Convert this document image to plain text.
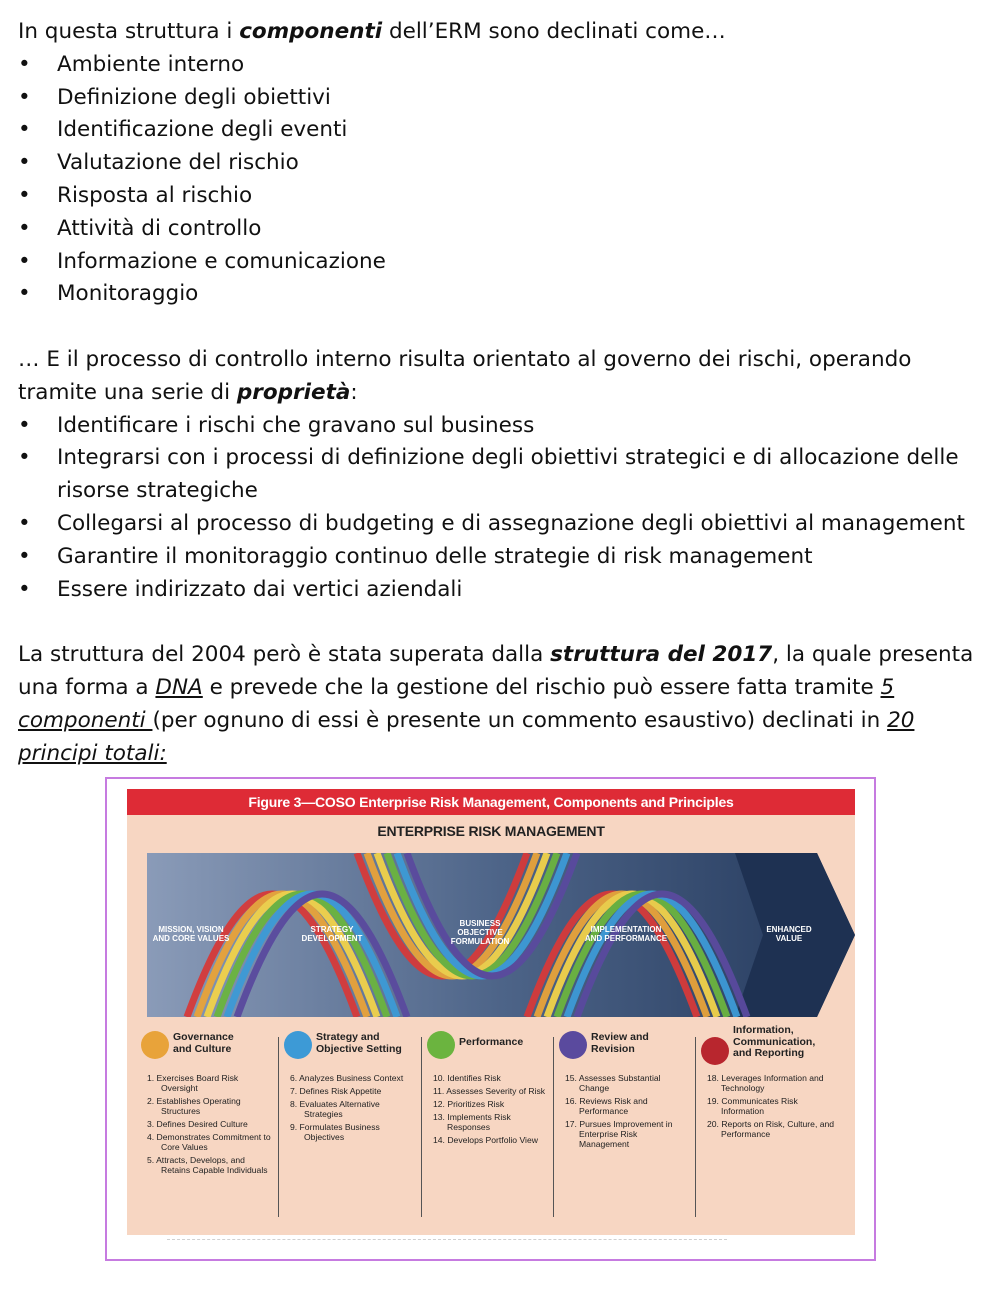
In questa struttura i componenti dell’ERM sono declinati come…

• Ambiente interno
• Definizione degli obiettivi
• Identificazione degli eventi
• Valutazione del rischio
• Risposta al rischio
• Attività di controllo
• Informazione e comunicazione
• Monitoraggio

… E il processo di controllo interno risulta orientato al governo dei rischi, operando tramite una serie di proprietà:

• Identificare i rischi che gravano sul business
• Integrarsi con i processi di definizione degli obiettivi strategici e di allocazione delle risorse strategiche
• Collegarsi al processo di budgeting e di assegnazione degli obiettivi al management
• Garantire il monitoraggio continuo delle strategie di risk management
• Essere indirizzato dai vertici aziendali

La struttura del 2004 però è stata superata dalla struttura del 2017, la quale presenta una forma a DNA e prevede che la gestione del rischio può essere fatta tramite 5 componenti (per ognuno di essi è presente un commento esaustivo) declinati in 20 principi totali:

Figure 3—COSO Enterprise Risk Management, Components and Principles
ENTERPRISE RISK MANAGEMENT
MISSION, VISION AND CORE VALUES
STRATEGY DEVELOPMENT
BUSINESS OBJECTIVE FORMULATION
IMPLEMENTATION AND PERFORMANCE
ENHANCED VALUE
Governance and Culture
1. Exercises Board Risk Oversight
2. Establishes Operating Structures
3. Defines Desired Culture
4. Demonstrates Commitment to Core Values
5. Attracts, Develops, and Retains Capable Individuals
Strategy and Objective Setting
6. Analyzes Business Context
7. Defines Risk Appetite
8. Evaluates Alternative Strategies
9. Formulates Business Objectives
Performance
10. Identifies Risk
11. Assesses Severity of Risk
12. Prioritizes Risk
13. Implements Risk Responses
14. Develops Portfolio View
Review and Revision
15. Assesses Substantial Change
16. Reviews Risk and Performance
17. Pursues Improvement in Enterprise Risk Management
Information, Communication, and Reporting
18. Leverages Information and Technology
19. Communicates Risk Information
20. Reports on Risk, Culture, and Performance
